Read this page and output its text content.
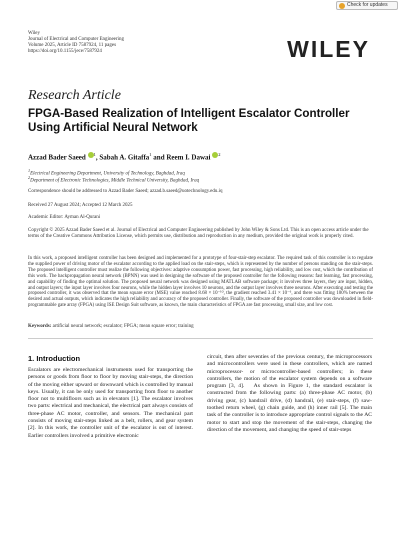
Check for updates
Wiley
Journal of Electrical and Computer Engineering
Volume 2025, Article ID 7587924, 11 pages
https://doi.org/10.1155/jece/7587924	WILEY
Research Article
FPGA-Based Realization of Intelligent Escalator Controller Using Artificial Neural Network
Azzad Bader Saeed $^1$, Sabah A. Gitaffa$^1$ and Reem I. Dawai $^2$
$^1$Electrical Engineering Department, University of Technology, Baghdad, Iraq
$^2$Department of Electronic Technologies, Middle Technical University, Baghdad, Iraq
Correspondence should be addressed to Azzad Bader Saeed; azzad.b.saeed@uotechnology.edu.iq
Received 27 August 2024; Accepted 12 March 2025
Academic Editor: Ayman Al-Qurani
Copyright © 2025 Azzad Bader Saeed et al. Journal of Electrical and Computer Engineering published by John Wiley & Sons Ltd. This is an open access article under the terms of the Creative Commons Attribution License, which permits use, distribution and reproduction in any medium, provided the original work is properly cited.
In this work, a proposed intelligent controller has been designed and implemented for a prototype of four-stair-step escalator. The required task of this controller is to regulate the supplied power of driving motor of the escalator according to the applied load on the stair-steps, which is represented by the number of persons standing on the stair-steps. The proposed intelligent controller must realize the following objectives: adaptive consumption power, fast processing, high reliability, and low cost, which the contribution of this work. The backpropagation neural network (BPNN) was used in designing the software of the proposed controller for the following reasons: fast learning, fast processing, and capability of finding the optimal solution. The proposed neural network was designed using MATLAB software package; it involves three layers, they are input, hidden, and output layers; the input layer involves four neurons, while the hidden layer involves 10 neurons, and the output layer involves three neurons. After executing and testing the proposed controller, it was observed that the mean square error (MSE) value reached 8.68 × 10⁻¹⁰, the gradient reached 3.41 × 10⁻⁶, and there was fitting 100% between the desired and actual outputs, which indicates the high reliability and accuracy of the proposed controller. Finally, the software of the proposed controller was downloaded in field-programmable gate array (FPGA) using ISE Design Suit software, as known, the main characteristics of FPGA are fast processing, small size, and low cost.
Keywords: artificial neural network; escalator; FPGA; mean square error; training
1. Introduction
Escalators are electromechanical instruments used for transporting the persons or goods from floor to floor by moving stair-steps, the direction of the moving either upward or downward which is controlled by manual keys. Usually, it can be only used for transporting from floor to another floor not to multifloors such as in elevators [1]. The escalator involves two parts: electrical and mechanical, the electrical part always consists of three-phase AC motor, controller, and sensors. The mechanical part consists of moving stair-steps linked as a belt, rollers, and gear system [2]. In this work, the controller unit of the escalator is out of interest. Earlier controllers involved a primitive electronic
circuit, then after seventies of the previous century, the microprocessors and microcontrollers were used in these controllers, which are named microprocessor- or microcontroller-based controllers; in these controllers, the motion of the escalator system depends on a software program [3, 4].   As shown in Figure 1, the standard escalator is constructed from the following parts: (a) three-phase AC motor, (b) driving gear, (c) handrail drive, (d) handrail, (e) stair-steps, (f) saw-toothed return wheel, (g) chain guide, and (h) inner rail [5]. The main task of the controller is to introduce appropriate control signals to the AC motor to start and stop the movement of the stair-steps, changing the direction of the movement, and changing the speed of stair-steps
